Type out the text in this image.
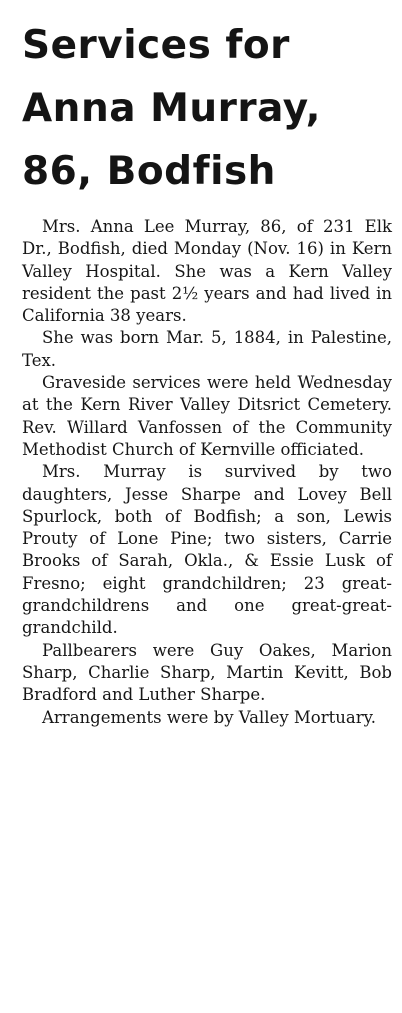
Services for
Anna Murray,
86, Bodfish

Mrs. Anna Lee Murray, 86, of 231 Elk Dr., Bodfish, died Monday (Nov. 16) in Kern Valley Hospital. She was a Kern Valley resident the past 2½ years and had lived in California 38 years.

She was born Mar. 5, 1884, in Palestine, Tex.

Graveside services were held Wednesday at the Kern River Valley Ditsrict Cemetery. Rev. Willard Vanfossen of the Community Methodist Church of Kernville officiated.

Mrs. Murray is survived by two daughters, Jesse Sharpe and Lovey Bell Spurlock, both of Bodfish; a son, Lewis Prouty of Lone Pine; two sisters, Carrie Brooks of Sarah, Okla., & Essie Lusk of Fresno; eight grandchildren; 23 great-grandchildrens and one great-great-grandchild.

Pallbearers were Guy Oakes, Marion Sharp, Charlie Sharp, Martin Kevitt, Bob Bradford and Luther Sharpe.

Arrangements were by Valley Mortuary.
